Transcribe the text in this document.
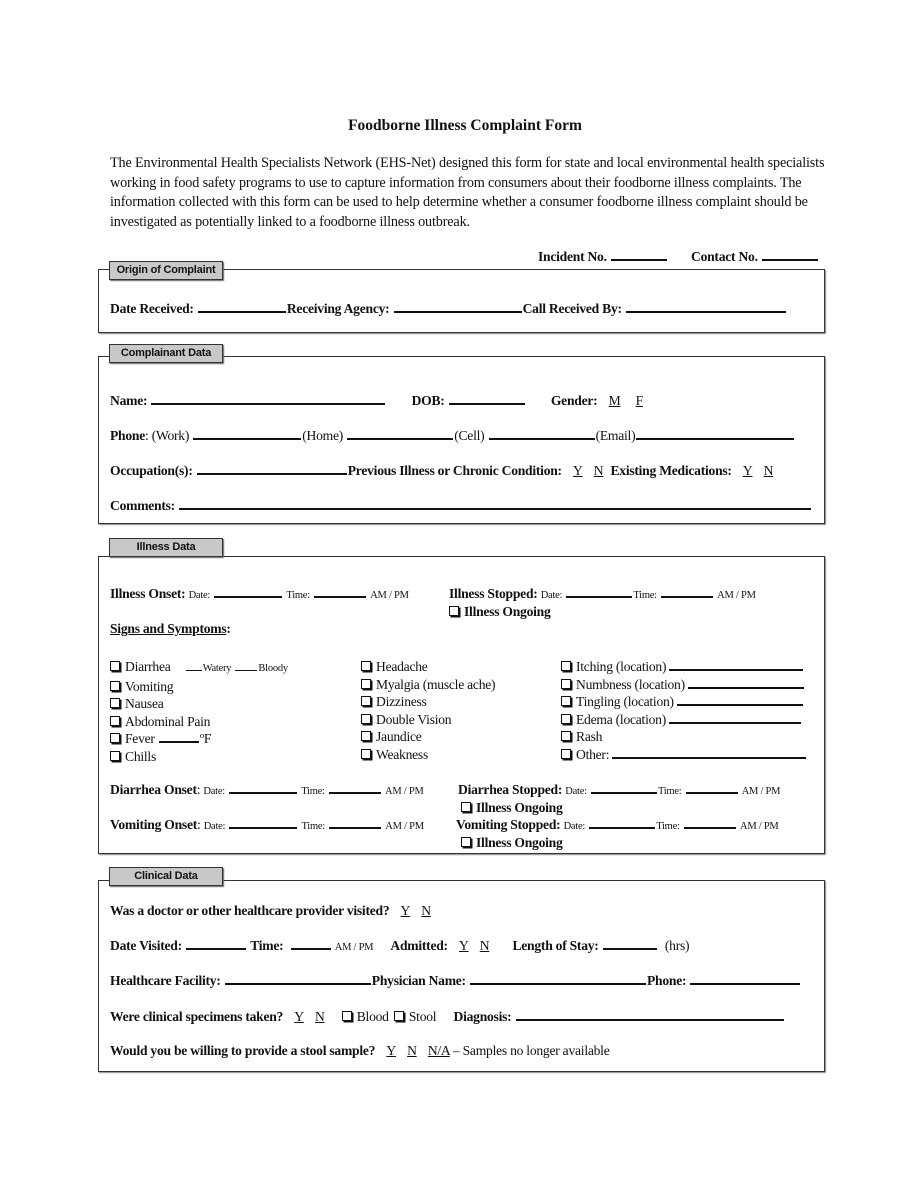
Foodborne Illness Complaint Form
The Environmental Health Specialists Network (EHS-Net) designed this form for state and local environmental health specialists working in food safety programs to use to capture information from consumers about their foodborne illness complaints. The information collected with this form can be used to help determine whether a consumer foodborne illness complaint should be investigated as potentially linked to a foodborne illness outbreak.
Incident No.	Contact No.
Origin of Complaint
Date Received:	Receiving Agency:	Call Received By:
Complainant Data
Name:	DOB:	Gender: M F
Phone: (Work)	(Home)	(Cell)	(Email)
Occupation(s):	Previous Illness or Chronic Condition: Y N Existing Medications: Y N
Comments:
Illness Data
Illness Onset: Date:	Time:	AM / PM	Illness Stopped: Date:	Time:	AM / PM
Illness Ongoing
Signs and Symptoms:
Diarrhea	Watery	Bloody
Vomiting
Nausea
Abdominal Pain
Fever	ºF
Chills
Headache
Myalgia (muscle ache)
Dizziness
Double Vision
Jaundice
Weakness
Itching (location)
Numbness (location)
Tingling (location)
Edema (location)
Rash
Other:
Diarrhea Onset: Date:	Time:	AM / PM	Diarrhea Stopped: Date:	Time:	AM / PM
Illness Ongoing
Vomiting Onset: Date:	Time:	AM / PM Vomiting Stopped: Date:	Time:	AM / PM
Illness Ongoing
Clinical Data
Was a doctor or other healthcare provider visited? Y N
Date Visited:	Time:	AM / PM Admitted: Y N Length of Stay:	(hrs)
Healthcare Facility:	Physician Name:	Phone:
Were clinical specimens taken? Y N Blood Stool Diagnosis:
Would you be willing to provide a stool sample? Y N N/A – Samples no longer available
